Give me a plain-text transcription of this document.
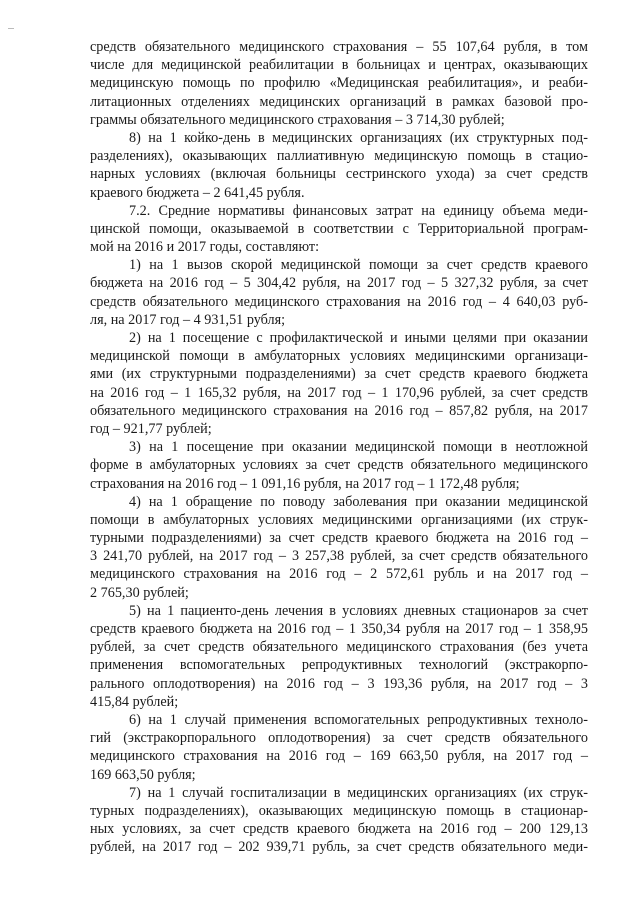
средств обязательного медицинского страхования – 55 107,64 рубля, в том
числе для медицинской реабилитации в больницах и центрах, оказывающих
медицинскую помощь по профилю «Медицинская реабилитация», и реаби-
литационных отделениях медицинских организаций в рамках базовой про-
граммы обязательного медицинского страхования – 3 714,30 рублей;
8) на 1 койко-день в медицинских организациях (их структурных под-
разделениях), оказывающих паллиативную медицинскую помощь в стацио-
нарных условиях (включая больницы сестринского ухода) за счет средств
краевого бюджета – 2 641,45 рубля.
7.2. Средние нормативы финансовых затрат на единицу объема меди-
цинской помощи, оказываемой в соответствии с Территориальной програм-
мой на 2016 и 2017 годы, составляют:
1) на 1 вызов скорой медицинской помощи за счет средств краевого
бюджета на 2016 год – 5 304,42 рубля, на 2017 год – 5 327,32 рубля, за счет
средств обязательного медицинского страхования на 2016 год – 4 640,03 руб-
ля, на 2017 год – 4 931,51 рубля;
2) на 1 посещение с профилактической и иными целями при оказании
медицинской помощи в амбулаторных условиях медицинскими организаци-
ями (их структурными подразделениями) за счет средств краевого бюджета
на 2016 год – 1 165,32 рубля, на 2017 год – 1 170,96 рублей, за счет средств
обязательного медицинского страхования на 2016 год – 857,82 рубля, на 2017
год – 921,77 рублей;
3) на 1 посещение при оказании медицинской помощи в неотложной
форме в амбулаторных условиях за счет средств обязательного медицинского
страхования на 2016 год – 1 091,16 рубля, на 2017 год – 1 172,48 рубля;
4) на 1 обращение по поводу заболевания при оказании медицинской
помощи в амбулаторных условиях медицинскими организациями (их струк-
турными подразделениями) за счет средств краевого бюджета на 2016 год –
3 241,70 рублей, на 2017 год – 3 257,38 рублей, за счет средств обязательного
медицинского страхования на 2016 год – 2 572,61 рубль и на 2017 год –
2 765,30 рублей;
5) на 1 пациенто-день лечения в условиях дневных стационаров за счет
средств краевого бюджета на 2016 год – 1 350,34 рубля на 2017 год – 1 358,95
рублей, за счет средств обязательного медицинского страхования (без учета
применения вспомогательных репродуктивных технологий (экстракорпо-
рального оплодотворения) на 2016 год – 3 193,36 рубля, на 2017 год – 3
415,84 рублей;
6) на 1 случай применения вспомогательных репродуктивных техноло-
гий (экстракорпорального оплодотворения) за счет средств обязательного
медицинского страхования на 2016 год – 169 663,50 рубля, на 2017 год –
169 663,50 рубля;
7) на 1 случай госпитализации в медицинских организациях (их струк-
турных подразделениях), оказывающих медицинскую помощь в стационар-
ных условиях, за счет средств краевого бюджета на 2016 год – 200 129,13
рублей, на 2017 год – 202 939,71 рубль, за счет средств обязательного меди-
